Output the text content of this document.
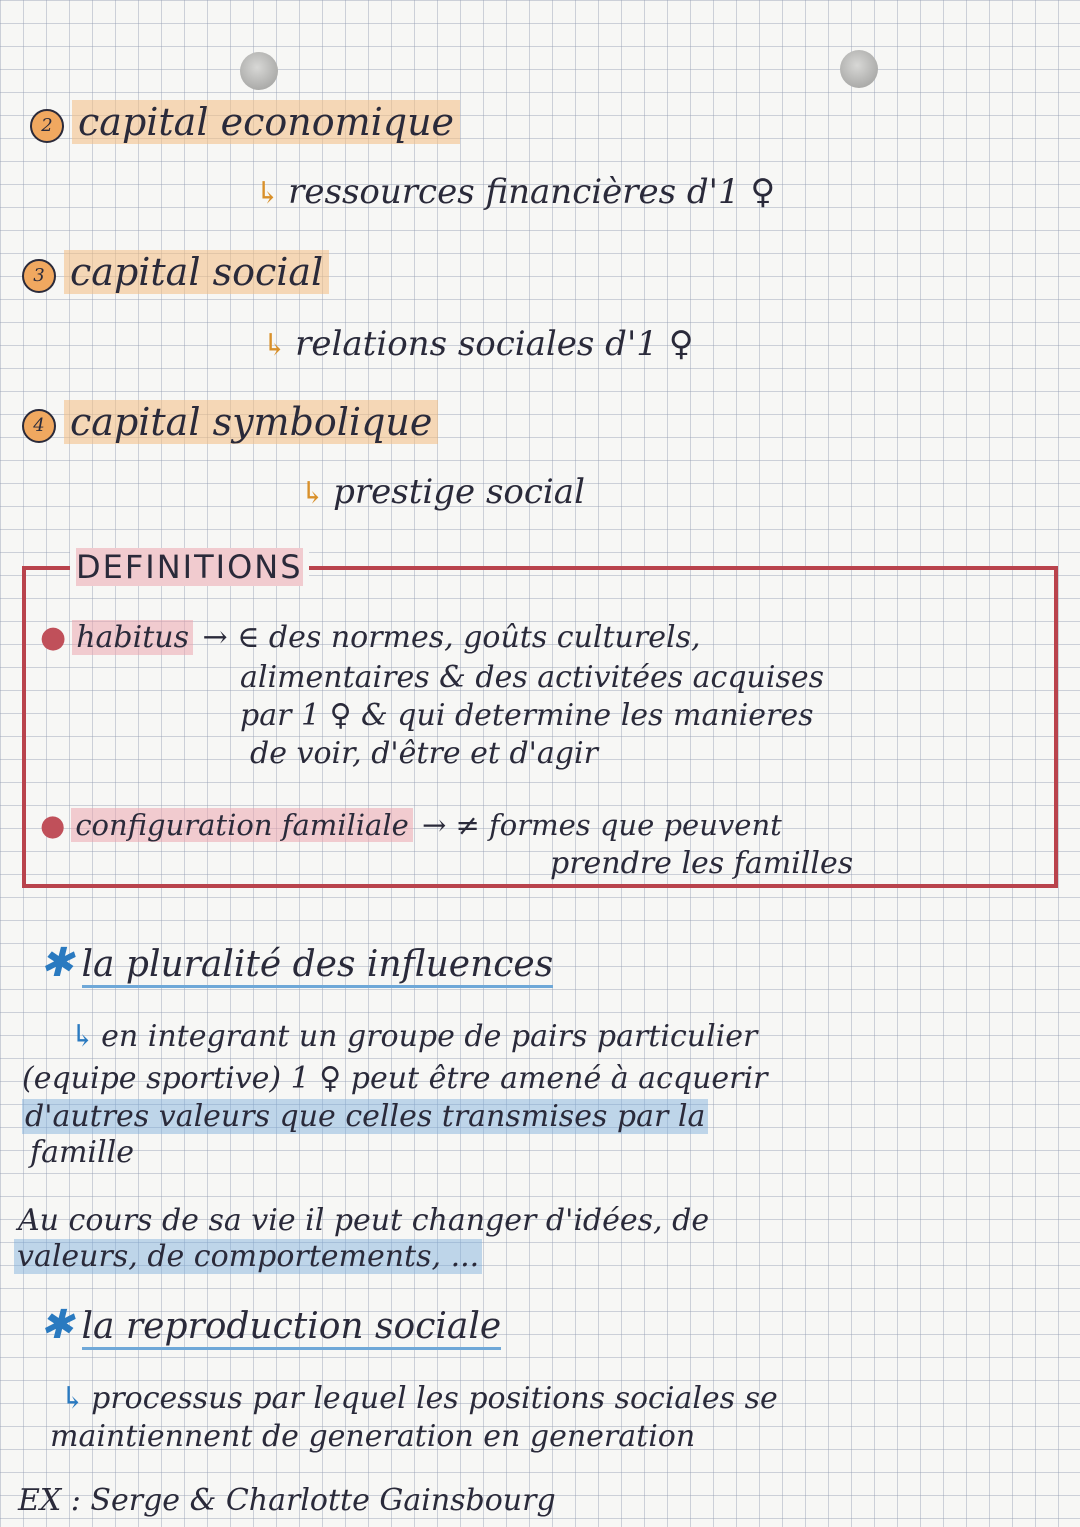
2 capital economique
↳ ressources financières d'1 ♀
3 capital social
↳ relations sociales d'1 ♀
4 capital symbolique
↳ prestige social
DEFINITIONS
● habitus → ∈ des normes, goûts culturels,
alimentaires & des activitées acquises
par 1 ♀ & qui determine les manieres
de voir, d'être et d'agir
● configuration familiale → ≠ formes que peuvent
prendre les familles
✱ la pluralité des influences
↳ en integrant un groupe de pairs particulier
(equipe sportive) 1 ♀ peut être amené à acquerir
d'autres valeurs que celles transmises par la
famille
Au cours de sa vie il peut changer d'idées, de
valeurs, de comportements, ...
✱ la reproduction sociale
↳ processus par lequel les positions sociales se
maintiennent de generation en generation
EX : Serge & Charlotte Gainsbourg
